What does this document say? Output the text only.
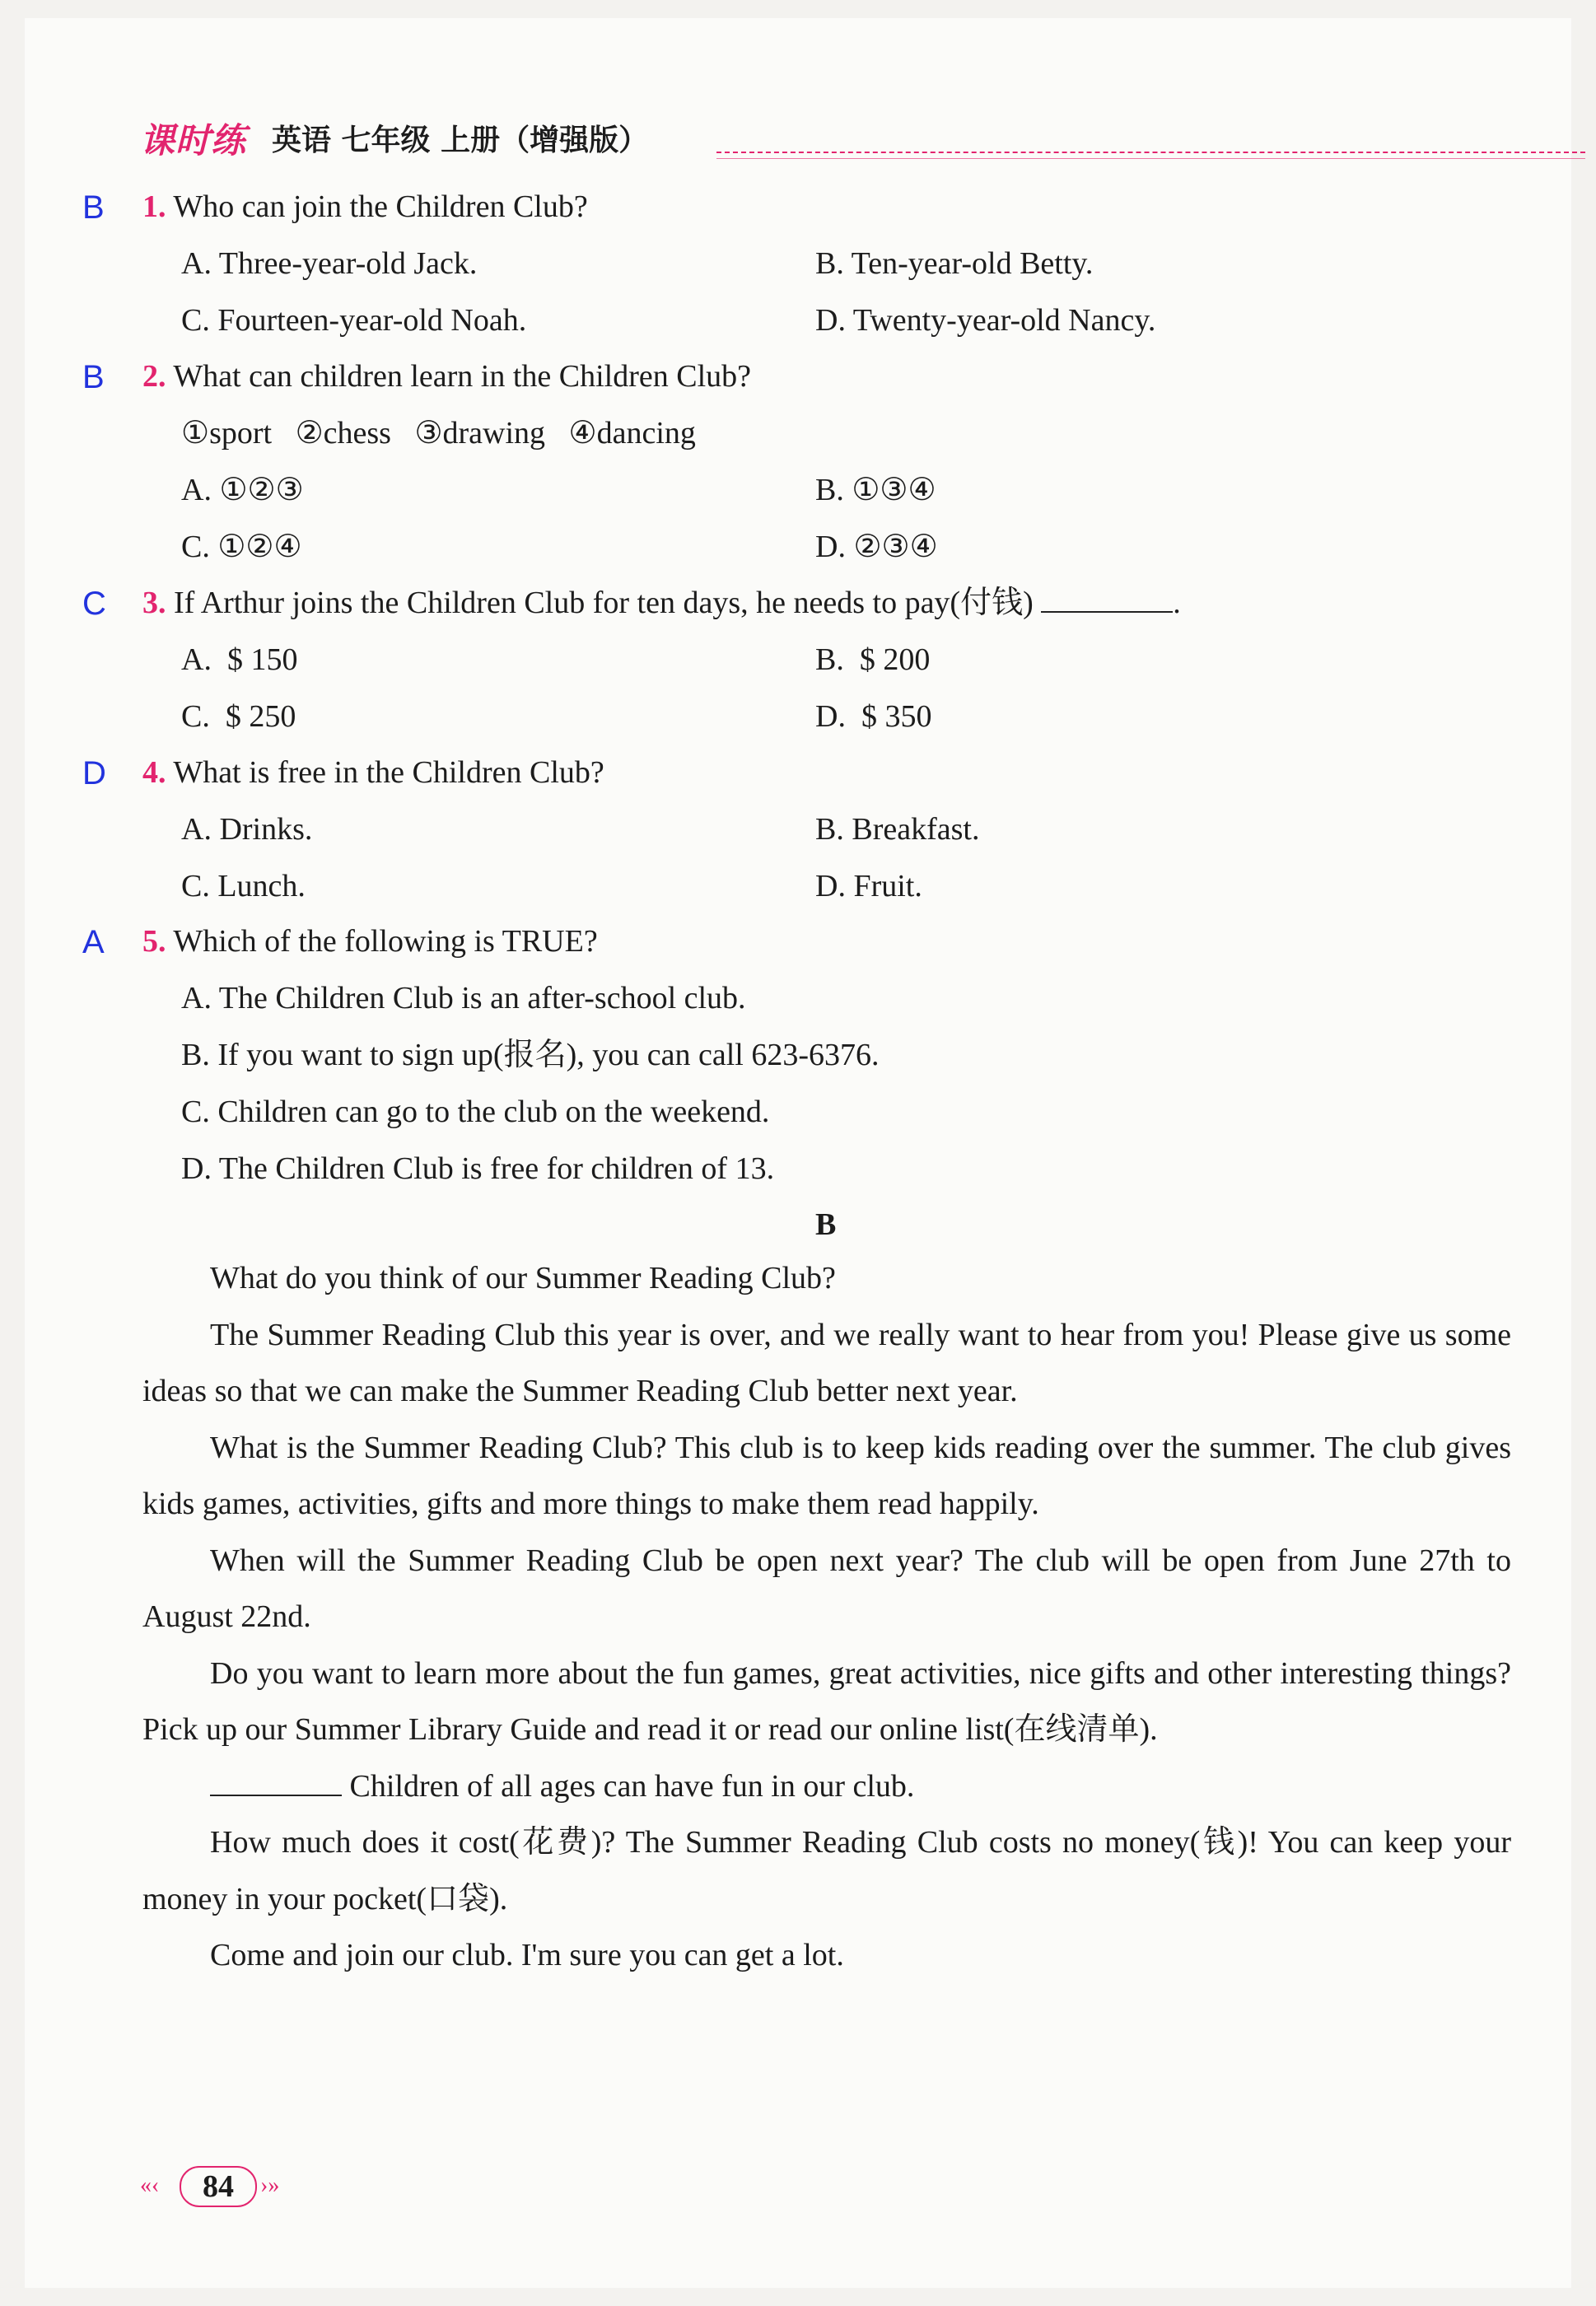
课时练 英语 七年级 上册（增强版）
B 1. Who can join the Children Club?
A. Three-year-old Jack.	B. Ten-year-old Betty.
C. Fourteen-year-old Noah.	D. Twenty-year-old Nancy.
B 2. What can children learn in the Children Club?
①sport   ②chess   ③drawing   ④dancing
A. ①②③	B. ①③④
C. ①②④	D. ②③④
C 3. If Arthur joins the Children Club for ten days, he needs to pay(付钱)	.
A.  $ 150	B.  $ 200
C.  $ 250	D.  $ 350
D 4. What is free in the Children Club?
A. Drinks.	B. Breakfast.
C. Lunch.	D. Fruit.
A 5. Which of the following is TRUE?
A. The Children Club is an after-school club.
B. If you want to sign up(报名), you can call 623-6376.
C. Children can go to the club on the weekend.
D. The Children Club is free for children of 13.
B
What do you think of our Summer Reading Club?
The Summer Reading Club this year is over, and we really want to hear from you! Please give us some ideas so that we can make the Summer Reading Club better next year.
What is the Summer Reading Club? This club is to keep kids reading over the summer. The club gives kids games, activities, gifts and more things to make them read happily.
When will the Summer Reading Club be open next year? The club will be open from June 27th to August 22nd.
Do you want to learn more about the fun games, great activities, nice gifts and other interesting things? Pick up our Summer Library Guide and read it or read our online list(在线清单).
Children of all ages can have fun in our club.
How much does it cost(花费)? The Summer Reading Club costs no money(钱)! You can keep your money in your pocket(口袋).
Come and join our club. I'm sure you can get a lot.
«‹	84	›»
